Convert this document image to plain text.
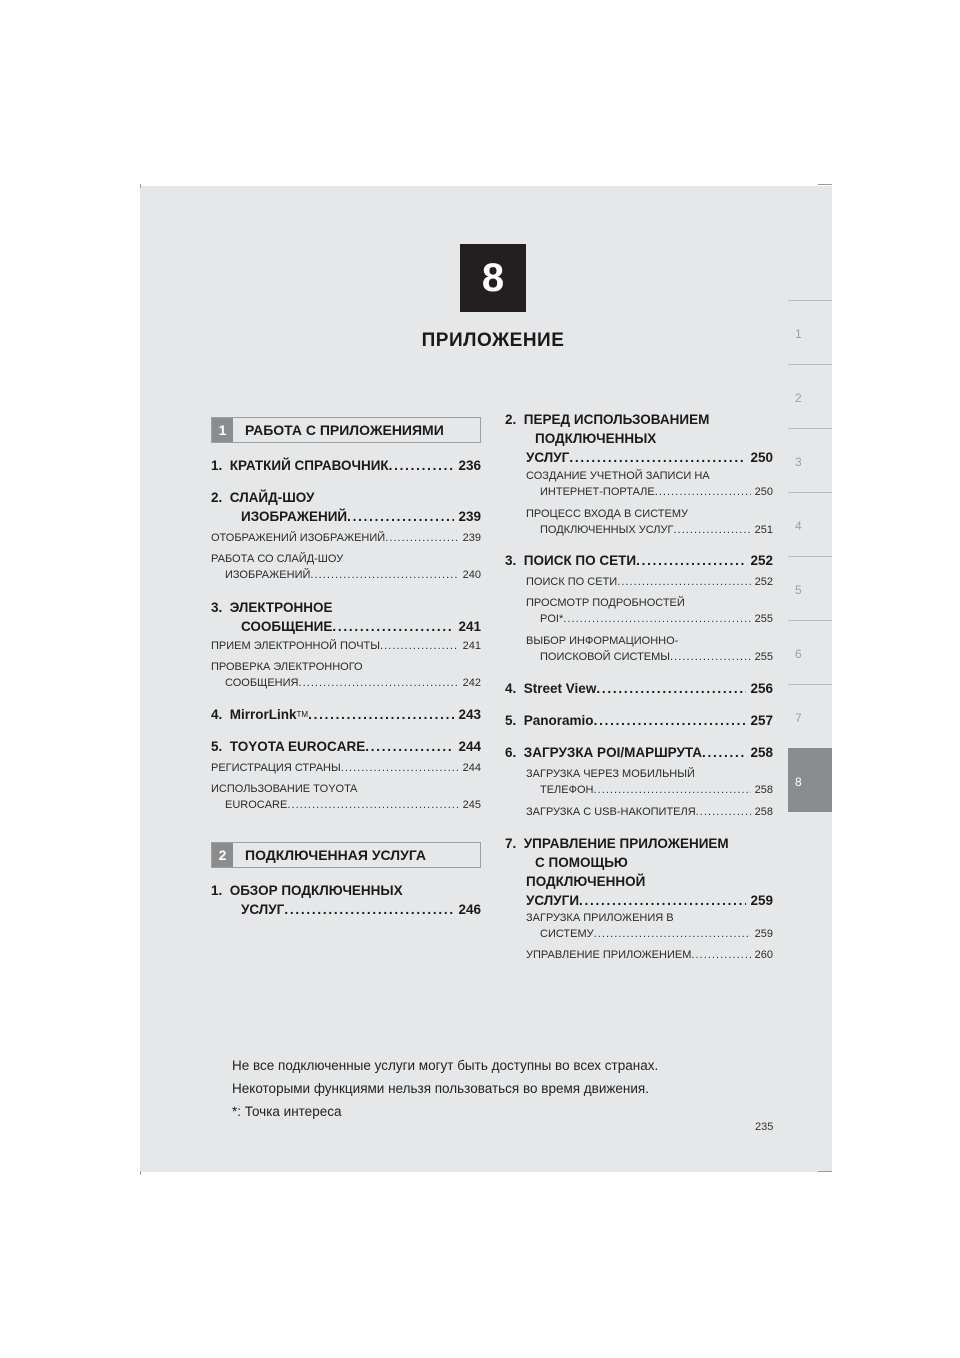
8
ПРИЛОЖЕНИЕ	1
2
3
4
5
6
7
8
1	РАБОТА С ПРИЛОЖЕНИЯМИ
2	ПОДКЛЮЧЕННАЯ УСЛУГА
1.
КРАТКИЙ СПРАВОЧНИК . . .	236
2. СЛАЙД-ШОУ
ИЗОБРАЖЕНИЙ . . .	239
ОТОБРАЖЕНИЙ ИЗОБРАЖЕНИЙ . . .	239
РАБОТА СО СЛАЙД-ШОУ
ИЗОБРАЖЕНИЙ . . .	240
3. ЭЛЕКТРОННОЕ
СООБЩЕНИЕ . . .	241
ПРИЕМ ЭЛЕКТРОННОЙ ПОЧТЫ . . .	241
ПРОВЕРКА ЭЛЕКТРОННОГО
СООБЩЕНИЯ . . .	242
4.
MirrorLink TM . . .	243
5.
TOYOTA EUROCARE . . .	244
РЕГИСТРАЦИЯ СТРАНЫ . . .	244
ИСПОЛЬЗОВАНИЕ TOYOTA
EUROCARE . . .	245
1. ОБЗОР ПОДКЛЮЧЕННЫХ
УСЛУГ . . .	246
2. ПЕРЕД ИСПОЛЬЗОВАНИЕМ
ПОДКЛЮЧЕННЫХ
УСЛУГ . . .	250
СОЗДАНИЕ УЧЕТНОЙ ЗАПИСИ НА
ИНТЕРНЕТ-ПОРТАЛЕ . . .	250
ПРОЦЕСС ВХОДА В СИСТЕМУ
ПОДКЛЮЧЕННЫХ УСЛУГ . . .	251
3.
ПОИСК ПО СЕТИ . . .	252
ПОИСК ПО СЕТИ . . .	252
ПРОСМОТР ПОДРОБНОСТЕЙ
POI* . . .	255
ВЫБОР ИНФОРМАЦИОННО-
ПОИСКОВОЙ СИСТЕМЫ . . .	255
4.
Street View . . .	256
5.
Panoramio . . .	257
6.
ЗАГРУЗКА POI/МАРШРУТА . . .	258
ЗАГРУЗКА ЧЕРЕЗ МОБИЛЬНЫЙ
ТЕЛЕФОН . . .	258
ЗАГРУЗКА С USB-НАКОПИТЕЛЯ . . .	258
7. УПРАВЛЕНИЕ ПРИЛОЖЕНИЕМ
С ПОМОЩЬЮ
ПОДКЛЮЧЕННОЙ
УСЛУГИ . . .	259
ЗАГРУЗКА ПРИЛОЖЕНИЯ В
СИСТЕМУ . . .	259
УПРАВЛЕНИЕ ПРИЛОЖЕНИЕМ . . .	260
Не все подключенные услуги могут быть доступны во всех странах.
Некоторыми функциями нельзя пользоваться во время движения.
*: Точка интереса
235
